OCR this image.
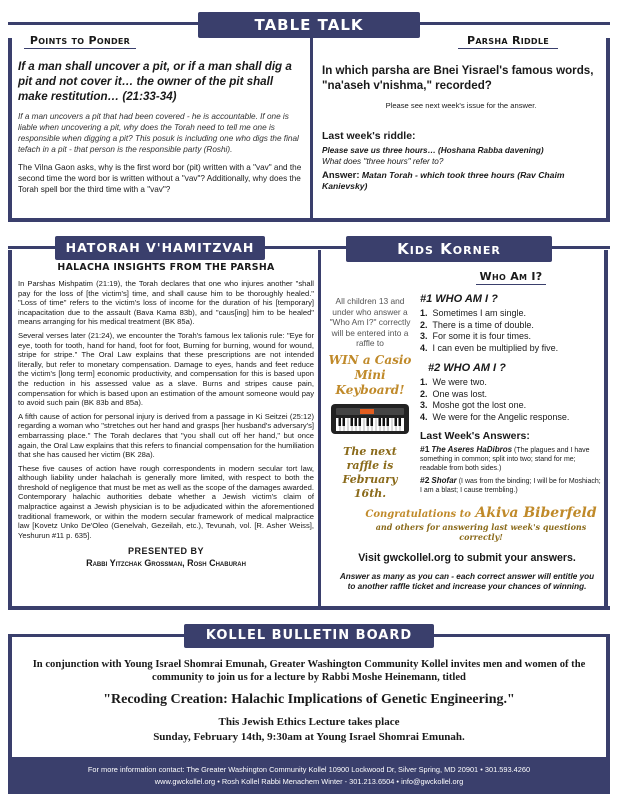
TABLE TALK
Points to Ponder

If a man shall uncover a pit, or if a man shall dig a pit and not cover it… the owner of the pit shall make restitution… (21:33-34)

If a man uncovers a pit that had been covered - he is accountable. If one is liable when uncovering a pit, why does the Torah need to tell me one is responsible when digging a pit? This posuk is including one who digs the final tefach in a pit - that person is the responsible party (Roshi).

The Vilna Gaon asks, why is the first word bor (pit) written with a "vav" and the second time the word bor is written without a "vav"? Additionally, why does the Torah spell bor the third time with a "vav"?

Parsha Riddle

In which parsha are Bnei Yisrael's famous words, "na'aseh v'nishma," recorded?

Please see next week's issue for the answer.

Last week's riddle:

Please save us three hours… (Hoshana Rabba davening)

What does "three hours" refer to?

Answer: Matan Torah - which took three hours (Rav Chaim Kanievsky)

HATORAH V'HAMITZVAH
HALACHA INSIGHTS FROM THE PARSHA

In Parshas Mishpatim (21:19), the Torah declares that one who injures another "shall pay for the loss of [the victim's] time, and shall cause him to be thoroughly healed." "Loss of time" refers to the victim's loss of income for the duration of his [temporary] incapacitation due to the assault (Bava Kama 83b), and "caus[ing] him to be healed" means arranging for his medical treatment (BK 85a).

Several verses later (21:24), we encounter the Torah's famous lex talionis rule: "Eye for eye, tooth for tooth, hand for hand, foot for foot, Burning for burning, wound for wound, stripe for stripe." The Oral Law explains that these prescriptions are not intended literally, but refer to monetary compensation. Damage to eyes, hands and feet reduce the victim's [long term] economic productivity, and compensation for this is based upon the reduction in his assessed value as a slave. Burns and stripes cause pain, compensation for which is based upon an estimation of the amount someone would pay to avoid such pain (BK 83b and 85a).

A fifth cause of action for personal injury is derived from a passage in Ki Seitzei (25:12) regarding a woman who "stretches out her hand and grasps [her husband's adversary's] embarrassing place." The Torah declares that "you shall cut off her hand," but once again, the Oral Law explains that this refers to financial compensation for the humiliation that she has caused her victim (BK 28a).

These five causes of action have rough correspondents in modern secular tort law, although liability under halachah is generally more limited, with respect to both the threshold of negligence that must be met as well as the scope of the damages awarded. Contemporary halachic authorities debate whether a Jewish victim's claim of malpractice against a Jewish physician is to be adjudicated within the aforementioned traditional framework, or within the modern secular framework of medical malpractice law [Kovetz Unko De'Oleo (Genelvah, Gezeilah, etc.), Tevunah, vol. [R. Asher Weiss], Yeshurun #11 p. 635].

PRESENTED BY
Rabbi Yitzchak Grossman, Rosh Chaburah
Kids Korner

All children 13 and under who answer a "Who Am I?" correctly will be entered into a raffle to

WIN a Casio Mini Keyboard!

The next raffle is February 16th.

Who Am I?

#1 WHO AM I ?

1. Sometimes I am single.
2. There is a time of double.
3. For some it is four times.
4. I can even be multiplied by five.

#2 WHO AM I ?

1. We were two.
2. One was lost.
3. Moshe got the lost one.
4. We were for the Angelic response.

Last Week's Answers:

#1 The Aseres HaDibros (The plagues and I have something in common; split into two; stand for me; readable from both sides.)

#2 Shofar (I was from the binding; I will be for Moshiach; I am a blast; I cause trembling.)

Congratulations to Akiva Biberfeld

and others for answering last week's questions correctly!

Visit gwckollel.org to submit your answers.

Answer as many as you can - each correct answer will entitle you to another raffle ticket and increase your chances of winning.

KOLLEL BULLETIN BOARD

In conjunction with Young Israel Shomrai Emunah, Greater Washington Community Kollel invites men and women of the community to join us for a lecture by Rabbi Moshe Heinemann, titled

"Recoding Creation: Halachic Implications of Genetic Engineering."

This Jewish Ethics Lecture takes place

Sunday, February 14th, 9:30am at Young Israel Shomrai Emunah.

For more information contact: The Greater Washington Community Kollel 10900 Lockwood Dr, Silver Spring, MD 20901 • 301.593.4260

www.gwckollel.org • Rosh Kollel Rabbi Menachem Winter - 301.213.6504 • info@gwckollel.org
